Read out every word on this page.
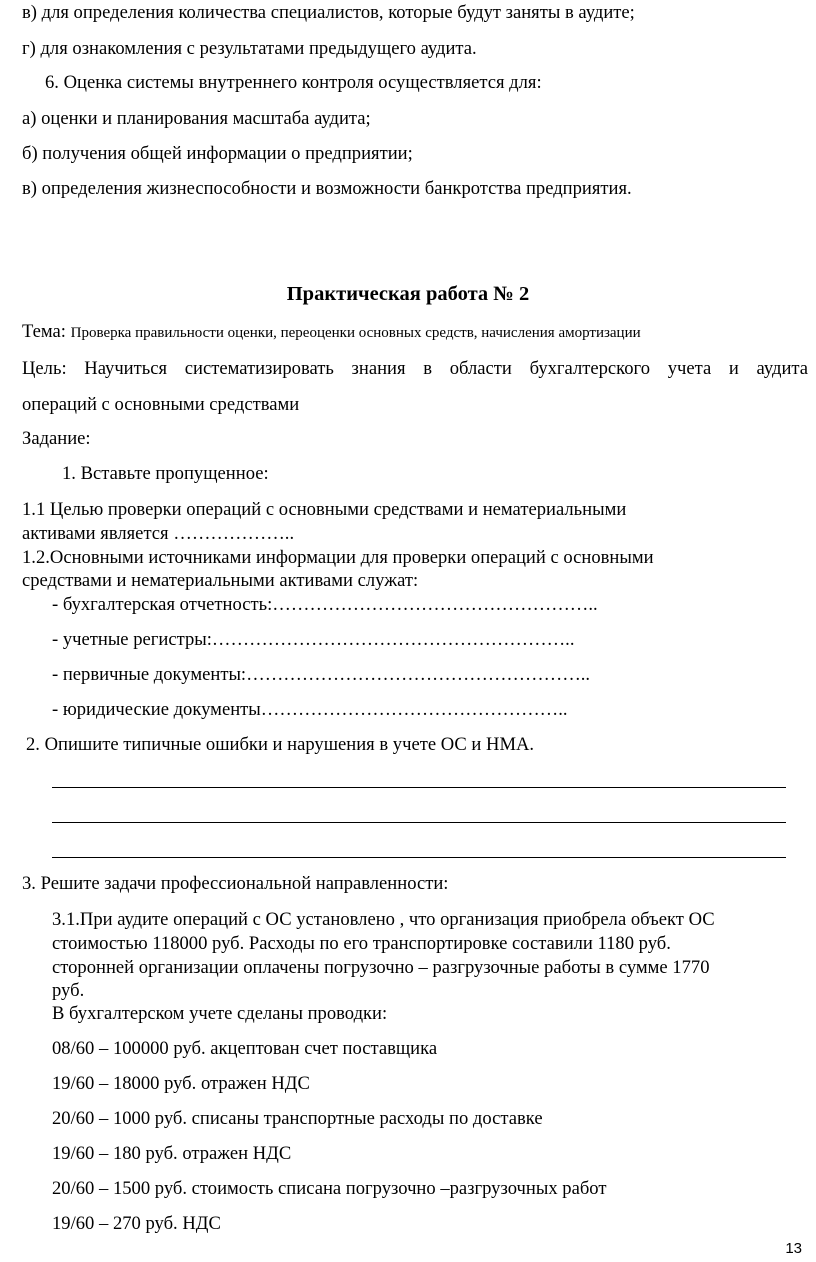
в) для определения количества специалистов, которые будут заняты в аудите;
г) для ознакомления с результатами предыдущего аудита.
6. Оценка системы внутреннего контроля осуществляется для:
а) оценки и планирования масштаба аудита;
б) получения общей информации о предприятии;
в) определения жизнеспособности и возможности банкротства предприятия.
Практическая работа № 2
Тема: Проверка правильности оценки, переоценки основных средств, начисления амортизации
Цель: Научиться систематизировать знания в области бухгалтерского учета и аудита
операций с основными средствами
Задание:
1. Вставьте пропущенное:
1.1 Целью проверки операций с основными средствами и нематериальными
активами является ………………..
1.2.Основными источниками информации для проверки операций с основными
средствами и нематериальными активами служат:
- бухгалтерская отчетность:……………………………………………..
- учетные регистры:…………………………………………………..
- первичные документы:………………………………………………..
- юридические документы…………………………………………..
2. Опишите типичные ошибки и нарушения в учете ОС и НМА.
3. Решите задачи профессиональной направленности:
3.1.При аудите операций с ОС установлено , что организация приобрела объект ОС
стоимостью 118000 руб. Расходы по его транспортировке составили 1180 руб.
сторонней организации оплачены погрузочно – разгрузочные работы в сумме 1770
руб.
В бухгалтерском учете сделаны проводки:
08/60 – 100000 руб. акцептован счет поставщика
19/60 – 18000 руб. отражен НДС
20/60 – 1000 руб. списаны транспортные расходы по доставке
19/60 – 180 руб. отражен НДС
20/60 – 1500 руб. стоимость списана погрузочно –разгрузочных работ
19/60 – 270 руб. НДС
13
